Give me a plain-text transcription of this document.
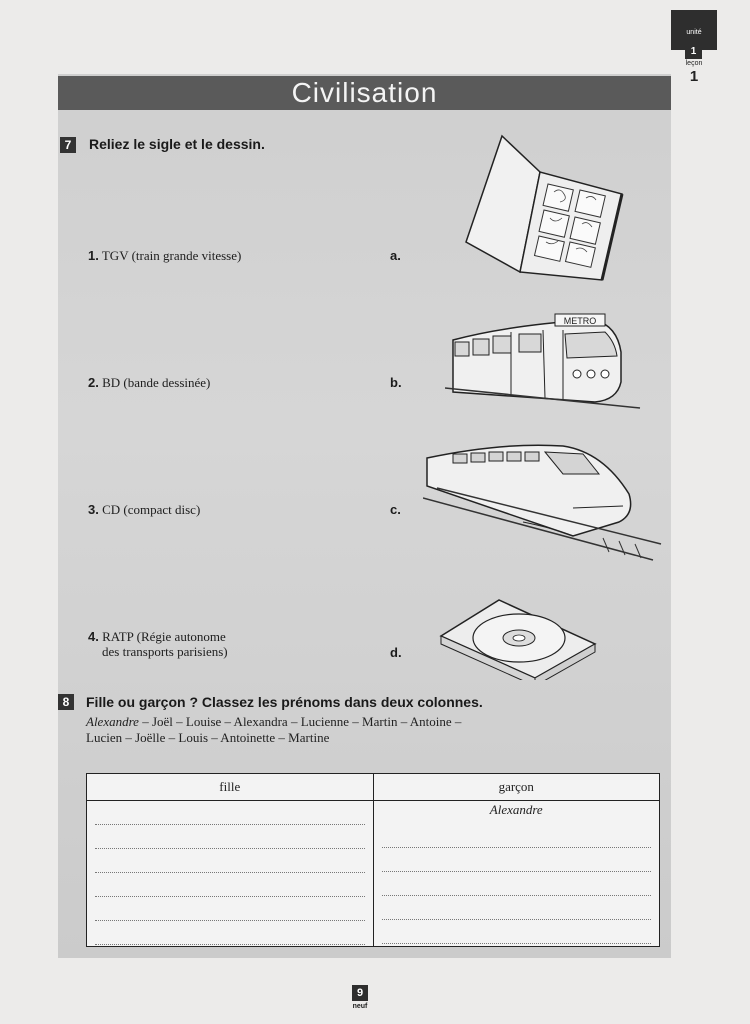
unité
1
leçon
1
Civilisation
7	Reliez le sigle et le dessin.
1. TGV (train grande vitesse)	a.
2. BD (bande dessinée)	b.
3. CD (compact disc)	c.
4. RATP (Régie autonome
des transports parisiens)	d.
METRO
8	Fille ou garçon ? Classez les prénoms dans deux colonnes.
Alexandre – Joël – Louise – Alexandra – Lucienne – Martin – Antoine –
Lucien – Joëlle – Louis – Antoinette – Martine
fille	garçon

	Alexandre
9
neuf
